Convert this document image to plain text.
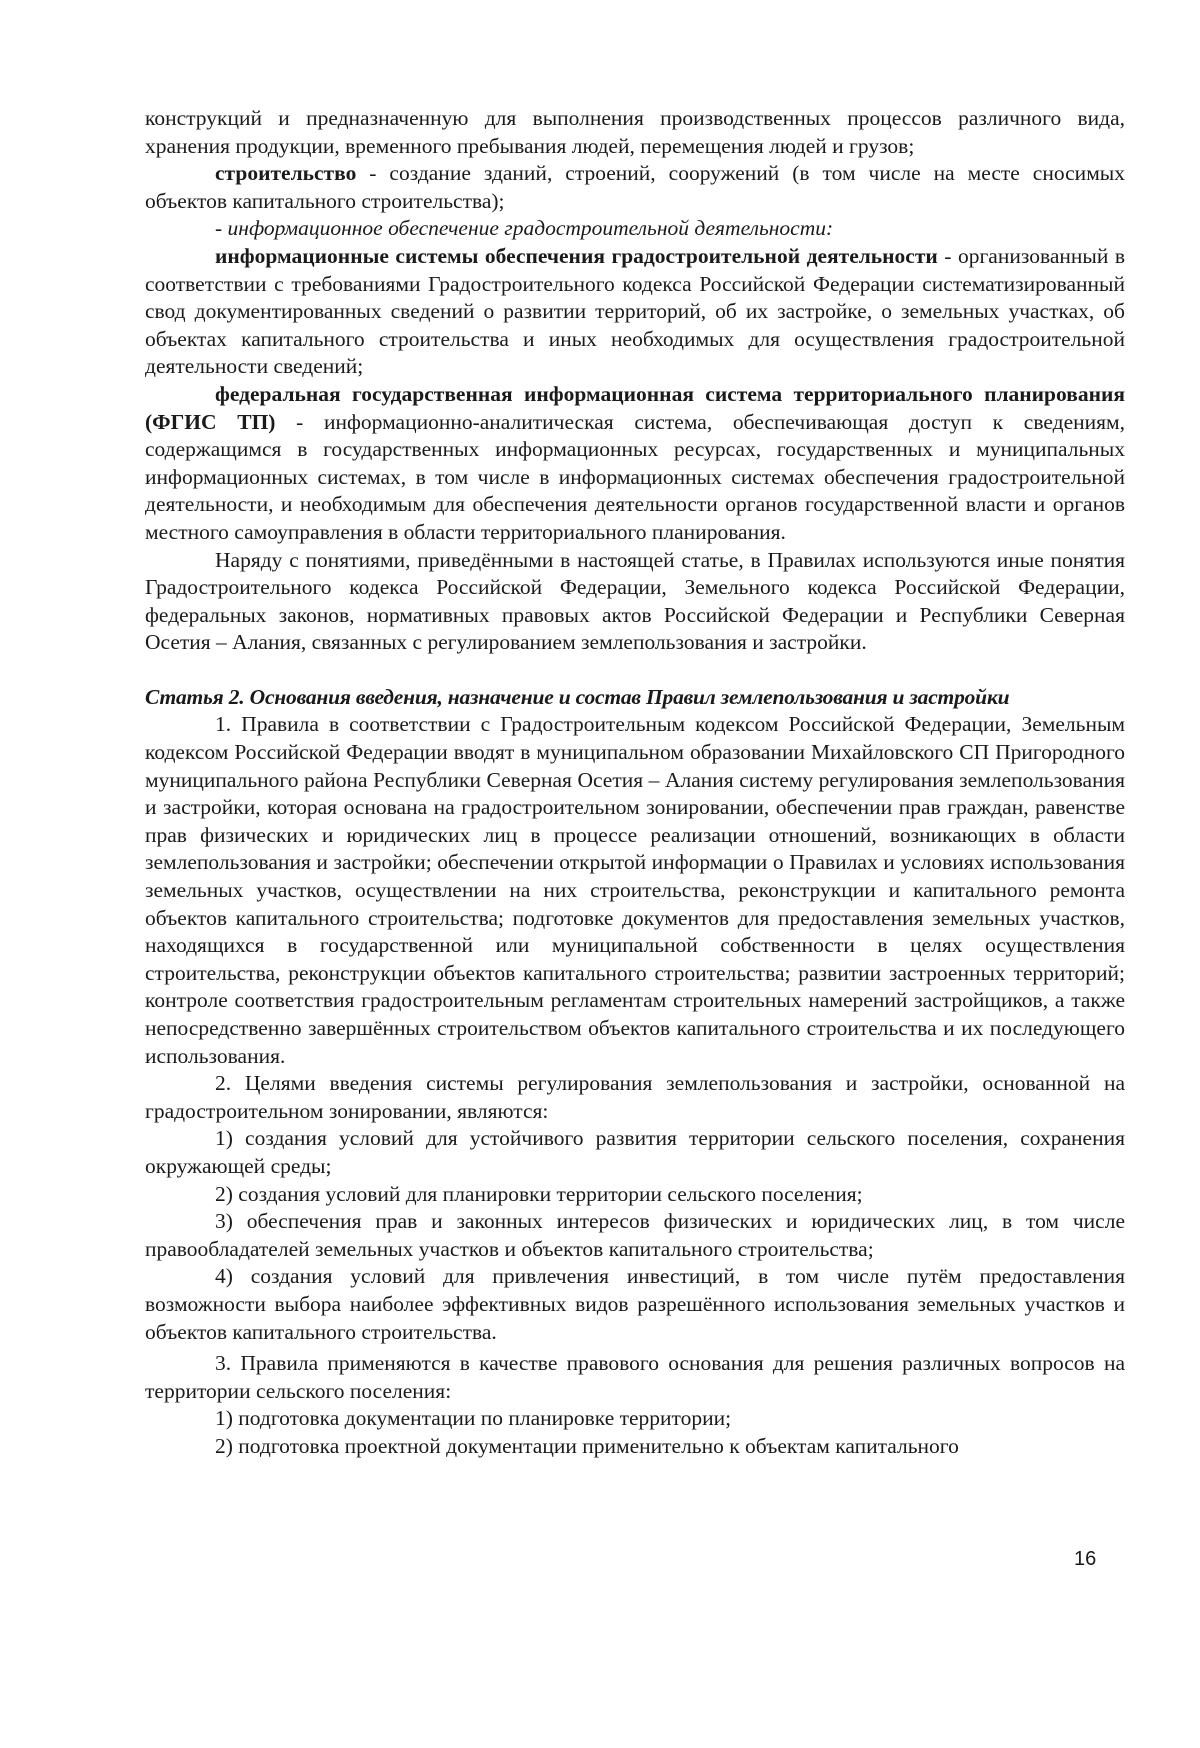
конструкций и предназначенную для выполнения производственных процессов различного вида, хранения продукции, временного пребывания людей, перемещения людей и грузов;

строительство - создание зданий, строений, сооружений (в том числе на месте сносимых объектов капитального строительства);

- информационное обеспечение градостроительной деятельности:

информационные системы обеспечения градостроительной деятельности - организованный в соответствии с требованиями Градостроительного кодекса Российской Федерации систематизированный свод документированных сведений о развитии территорий, об их застройке, о земельных участках, об объектах капитального строительства и иных необходимых для осуществления градостроительной деятельности сведений;

федеральная государственная информационная система территориального планирования (ФГИС ТП) - информационно-аналитическая система, обеспечивающая доступ к сведениям, содержащимся в государственных информационных ресурсах, государственных и муниципальных информационных системах, в том числе в информационных системах обеспечения градостроительной деятельности, и необходимым для обеспечения деятельности органов государственной власти и органов местного самоуправления в области территориального планирования.

Наряду с понятиями, приведёнными в настоящей статье, в Правилах используются иные понятия Градостроительного кодекса Российской Федерации, Земельного кодекса Российской Федерации, федеральных законов, нормативных правовых актов Российской Федерации и Республики Северная Осетия – Алания, связанных с регулированием землепользования и застройки.

Статья 2. Основания введения, назначение и состав Правил землепользования и застройки

1. Правила в соответствии с Градостроительным кодексом Российской Федерации, Земельным кодексом Российской Федерации вводят в муниципальном образовании Михайловского СП Пригородного муниципального района Республики Северная Осетия – Алания систему регулирования землепользования и застройки, которая основана на градостроительном зонировании, обеспечении прав граждан, равенстве прав физических и юридических лиц в процессе реализации отношений, возникающих в области землепользования и застройки; обеспечении открытой информации о Правилах и условиях использования земельных участков, осуществлении на них строительства, реконструкции и капитального ремонта объектов капитального строительства; подготовке документов для предоставления земельных участков, находящихся в государственной или муниципальной собственности в целях осуществления строительства, реконструкции объектов капитального строительства; развитии застроенных территорий; контроле соответствия градостроительным регламентам строительных намерений застройщиков, а также непосредственно завершённых строительством объектов капитального строительства и их последующего использования.

2. Целями введения системы регулирования землепользования и застройки, основанной на градостроительном зонировании, являются:

1) создания условий для устойчивого развития территории сельского поселения, сохранения окружающей среды;

2) создания условий для планировки территории сельского поселения;

3) обеспечения прав и законных интересов физических и юридических лиц, в том числе правообладателей земельных участков и объектов капитального строительства;

4) создания условий для привлечения инвестиций, в том числе путём предоставления возможности выбора наиболее эффективных видов разрешённого использования земельных участков и объектов капитального строительства.

3. Правила применяются в качестве правового основания для решения различных вопросов на территории сельского поселения:

1) подготовка документации по планировке территории;

2) подготовка проектной документации применительно к объектам капитального

16
